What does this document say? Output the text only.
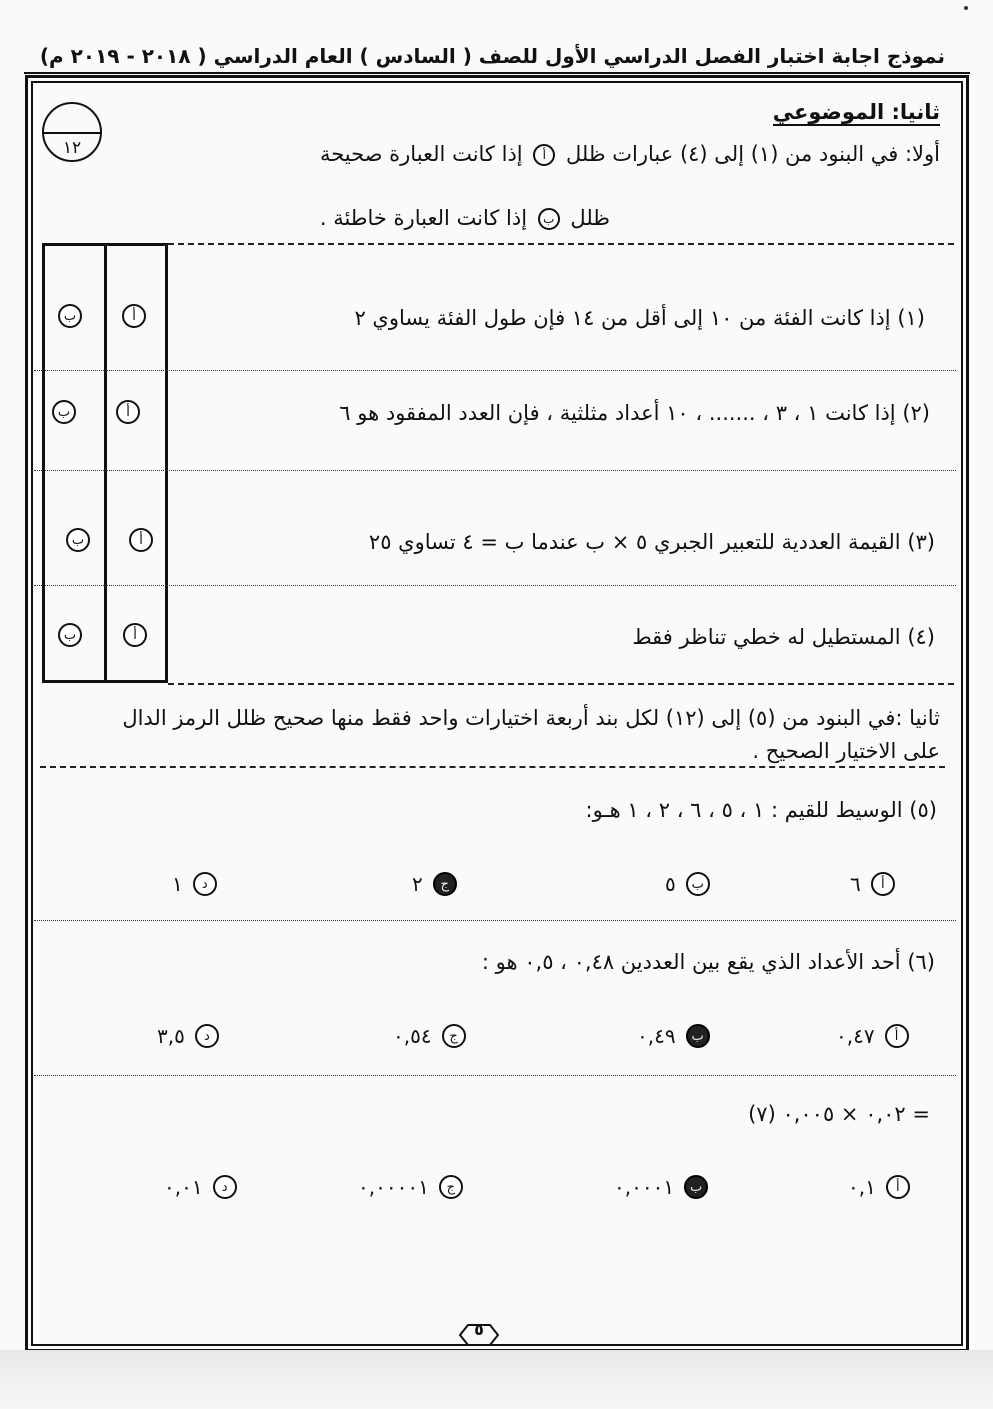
نموذج اجابة اختبار الفصل الدراسي الأول للصف ( السادس ) العام الدراسي ( ٢٠١٨ - ٢٠١٩ م)
١٢
ثانيا: الموضوعي
أولا: في البنود من (١) إلى (٤) عبارات ظلل أ إذا كانت العبارة صحيحة
ظلل ب إذا كانت العبارة خاطئة .
(١) إذا كانت الفئة من ١٠ إلى أقل من ١٤ فإن طول الفئة يساوي ٢
أ
ب
(٢) إذا كانت ١ ، ٣ ، ....... ، ١٠ أعداد مثلثية ، فإن العدد المفقود هو ٦
أ
ب
(٣) القيمة العددية للتعبير الجبري ٥ × ب عندما ب = ٤ تساوي ٢٥
أ
ب
(٤) المستطيل له خطي تناظر فقط
أ
ب
ثانيا :في البنود من (٥) إلى (١٢) لكل بند أربعة اختيارات واحد فقط منها صحيح ظلل الرمز الدال
على الاختيار الصحيح .
(٥) الوسيط للقيم : ١ ، ٥ ، ٦ ، ٢ ، ١ هـو:
أ
٦
ب
٥
ج
٢
د
١
(٦) أحد الأعداد الذي يقع بين العددين ٠,٤٨ ، ٠,٥ هو :
أ
٠,٤٧
ب
٠,٤٩
ج
٠,٥٤
د
٣,٥
(٧) ٠,٠٢ × ٠,٠٠٥ =
أ
٠,١
ب
٠,٠٠٠١
ج
٠,٠٠٠٠١
د
٠,٠١
٥
